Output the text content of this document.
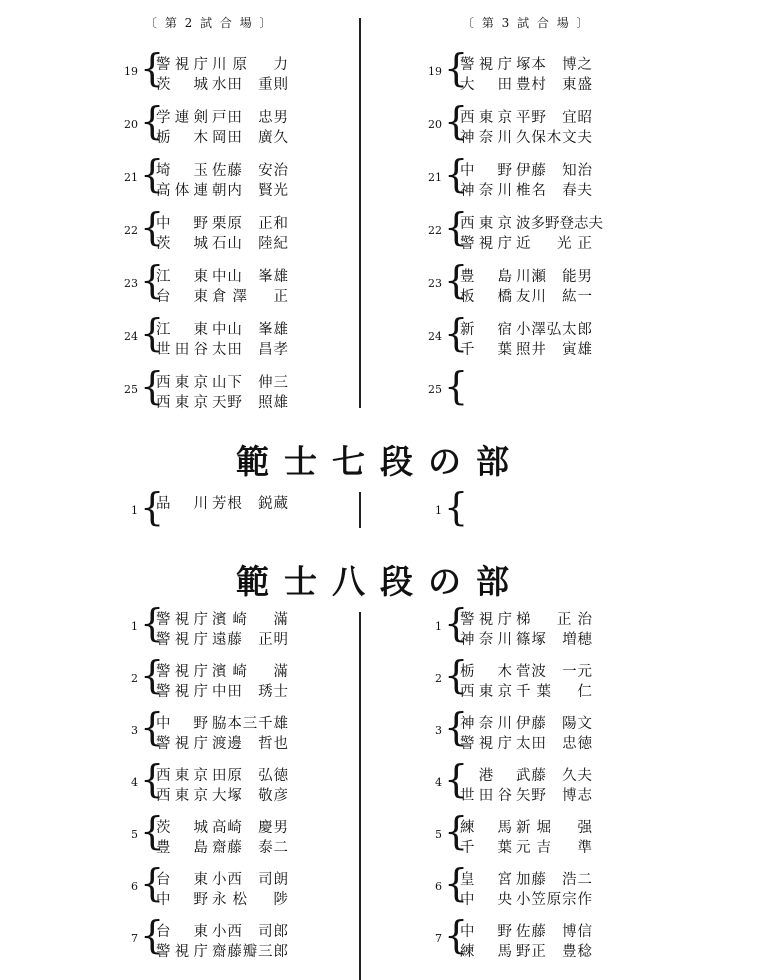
〔 第 2 試 合 場 〕	〔 第 3 試 合 場 〕
範士七段の部
範士八段の部
19 {
警視庁 川原　力
茨城 水田　重則
20 {
学連剣 戸田　忠男
栃木 岡田　廣久
21 {
埼玉 佐藤　安治
高体連 朝内　賢光
22 {
中野 栗原　正和
茨城 石山　陸紀
23 {
江東 中山　峯雄
台東 倉澤　正
24 {
江東 中山　峯雄
世田谷 太田　昌孝
25 {
西東京 山下　伸三
西東京 天野　照雄
19 {
警視庁 塚本　博之
大田 豊村　東盛
20 {
西東京 平野　宜昭
神奈川 久保木文夫
21 {
中野 伊藤　知治
神奈川 椎名　春夫
22 {
西東京 波多野登志夫
警視庁 近　光正
23 {
豊島 川瀬　能男
板橋 友川　紘一
24 {
新宿 小澤弘太郎
千葉 照井　寅雄
25 {
1 {
品川 芳根　鋭蔵	1 {
1 {
警視庁 濱崎　滿
警視庁 遠藤　正明
2 {
警視庁 濱崎　滿
警視庁 中田　琇士
3 {
中野 脇本三千雄
警視庁 渡邊　哲也
4 {
西東京 田原　弘徳
西東京 大塚　敬彦
5 {
茨城 高崎　慶男
豊島 齋藤　泰二
6 {
台東 小西　司朗
中野 永松　陟
7 {
台東 小西　司郎
警視庁 齋藤瓣三郎
1 {
警視庁 梯　正治
神奈川 篠塚　増穂
2 {
栃木 菅波　一元
西東京 千葉　仁
3 {
神奈川 伊藤　陽文
警視庁 太田　忠徳
4 { 港 武藤　久夫
世田谷 矢野　博志
5 {
練馬 新堀　强
千葉 元吉　準
6 {
皇宮 加藤　浩二
中央 小笠原宗作
7 {
中野 佐藤　博信
練馬 野正　豊稔
